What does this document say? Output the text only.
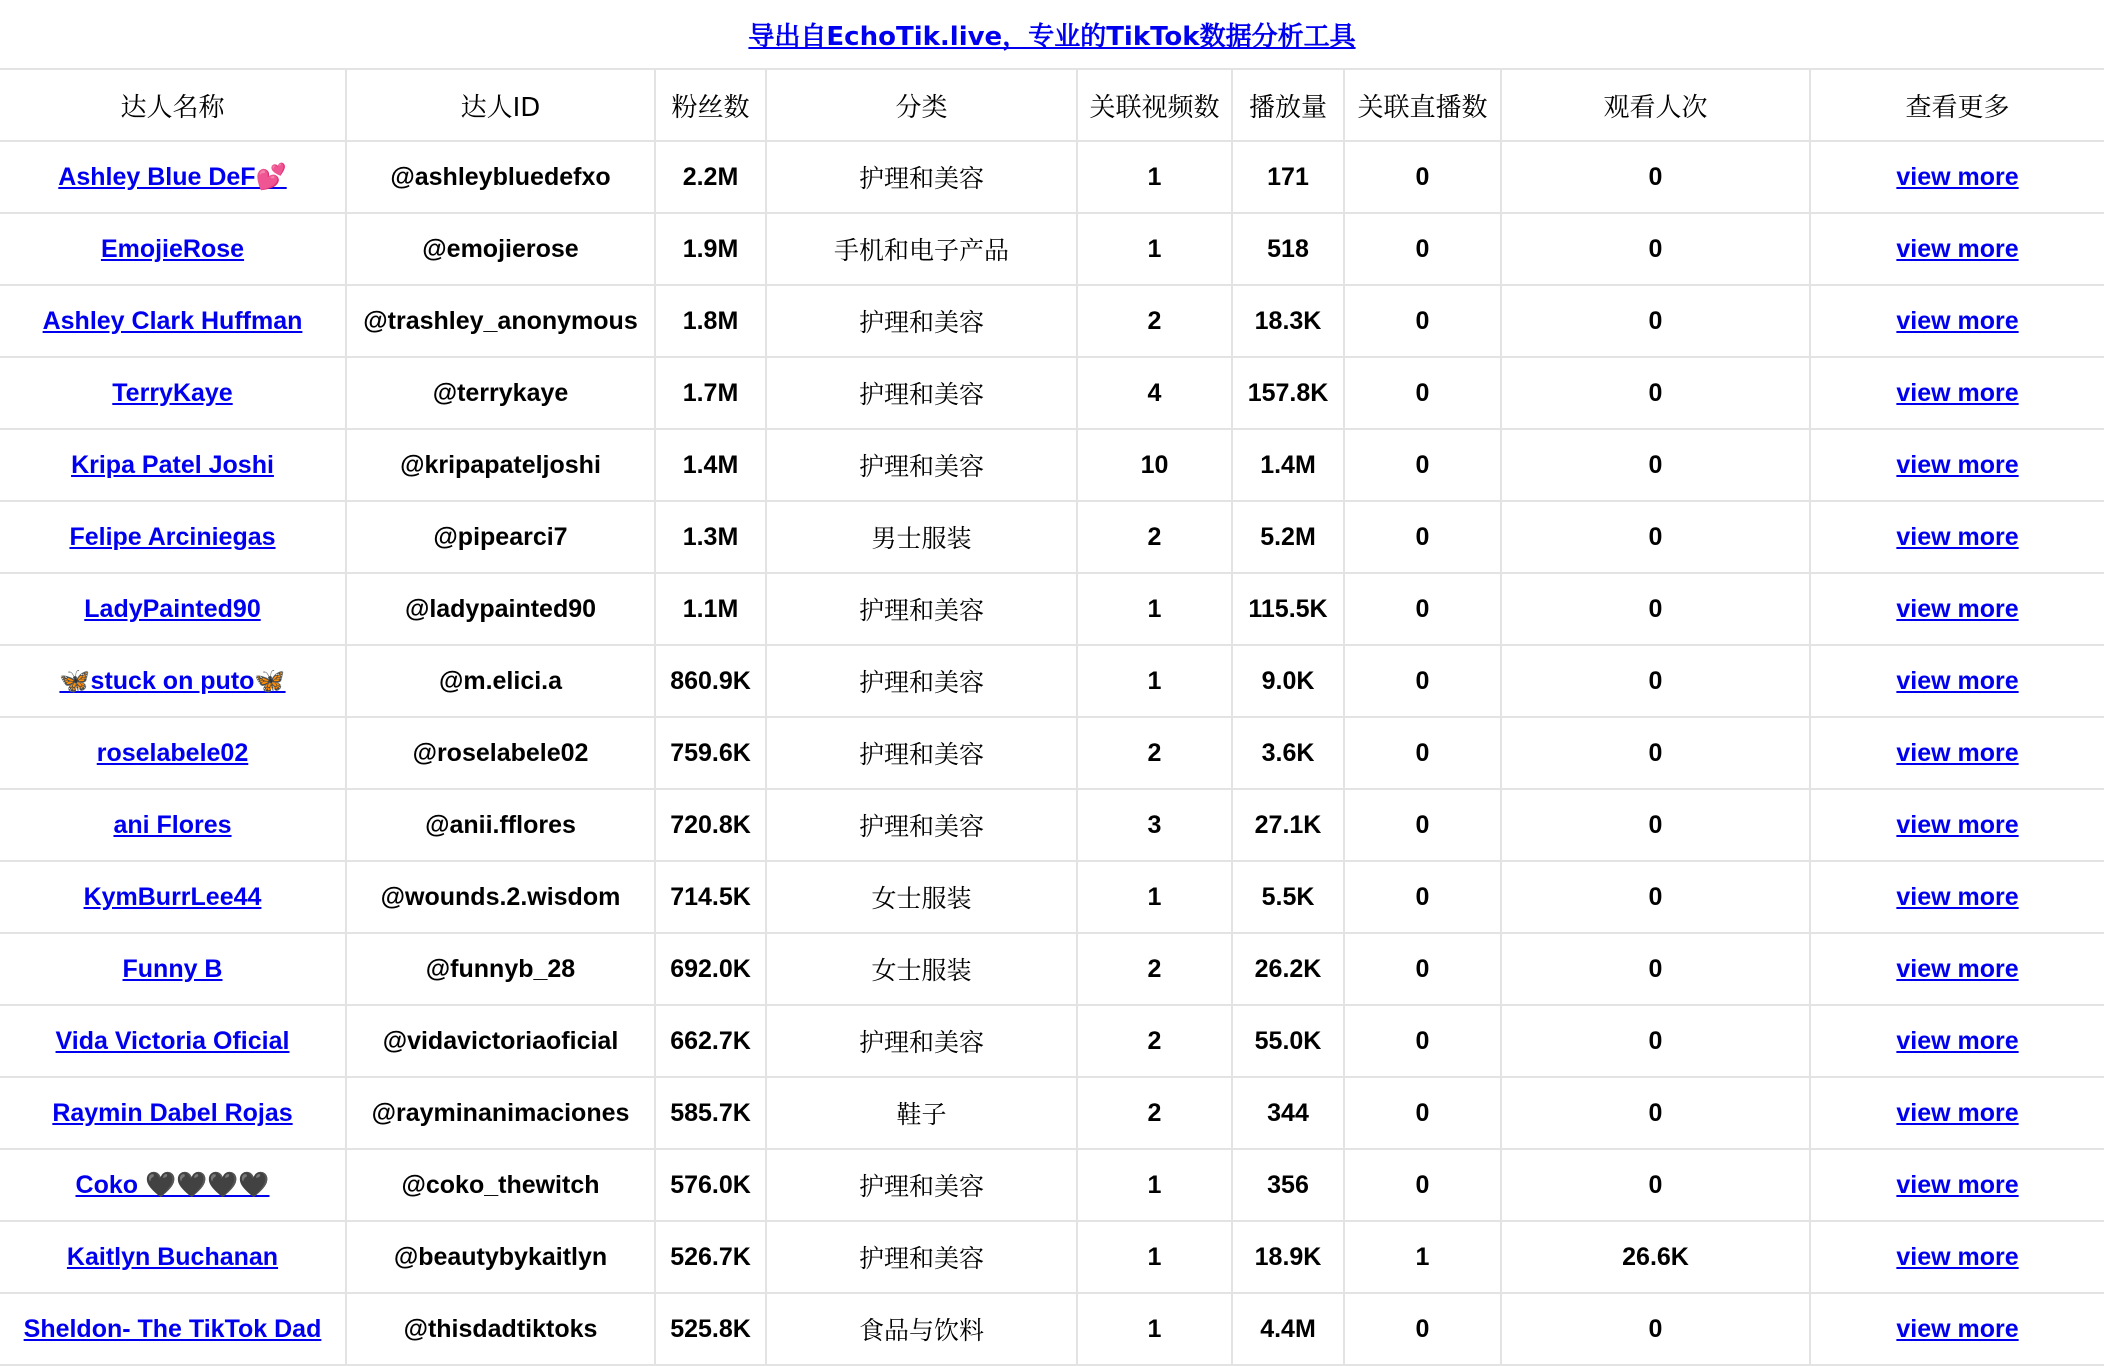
导出自EchoTik.live，专业的TikTok数据分析工具
达人名称	达人ID	粉丝数	分类	关联视频数	播放量	关联直播数	观看人次	查看更多
Ashley Blue DeF💕	@ashleybluedefxo	2.2M	护理和美容	1	171	0	0	view more
EmojieRose	@emojierose	1.9M	手机和电子产品	1	518	0	0	view more
Ashley Clark Huffman	@trashley_anonymous	1.8M	护理和美容	2	18.3K	0	0	view more
TerryKaye	@terrykaye	1.7M	护理和美容	4	157.8K	0	0	view more
Kripa Patel Joshi	@kripapateljoshi	1.4M	护理和美容	10	1.4M	0	0	view more
Felipe Arciniegas	@pipearci7	1.3M	男士服装	2	5.2M	0	0	view more
LadyPainted90	@ladypainted90	1.1M	护理和美容	1	115.5K	0	0	view more
🦋stuck on puto🦋	@m.elici.a	860.9K	护理和美容	1	9.0K	0	0	view more
roselabele02	@roselabele02	759.6K	护理和美容	2	3.6K	0	0	view more
ani Flores	@anii.fflores	720.8K	护理和美容	3	27.1K	0	0	view more
KymBurrLee44	@wounds.2.wisdom	714.5K	女士服装	1	5.5K	0	0	view more
Funny B	@funnyb_28	692.0K	女士服装	2	26.2K	0	0	view more
Vida Victoria Oficial	@vidavictoriaoficial	662.7K	护理和美容	2	55.0K	0	0	view more
Raymin Dabel Rojas	@rayminanimaciones	585.7K	鞋子	2	344	0	0	view more
Coko 🖤🖤🖤🖤	@coko_thewitch	576.0K	护理和美容	1	356	0	0	view more
Kaitlyn Buchanan	@beautybykaitlyn	526.7K	护理和美容	1	18.9K	1	26.6K	view more
Sheldon- The TikTok Dad	@thisdadtiktoks	525.8K	食品与饮料	1	4.4M	0	0	view more
